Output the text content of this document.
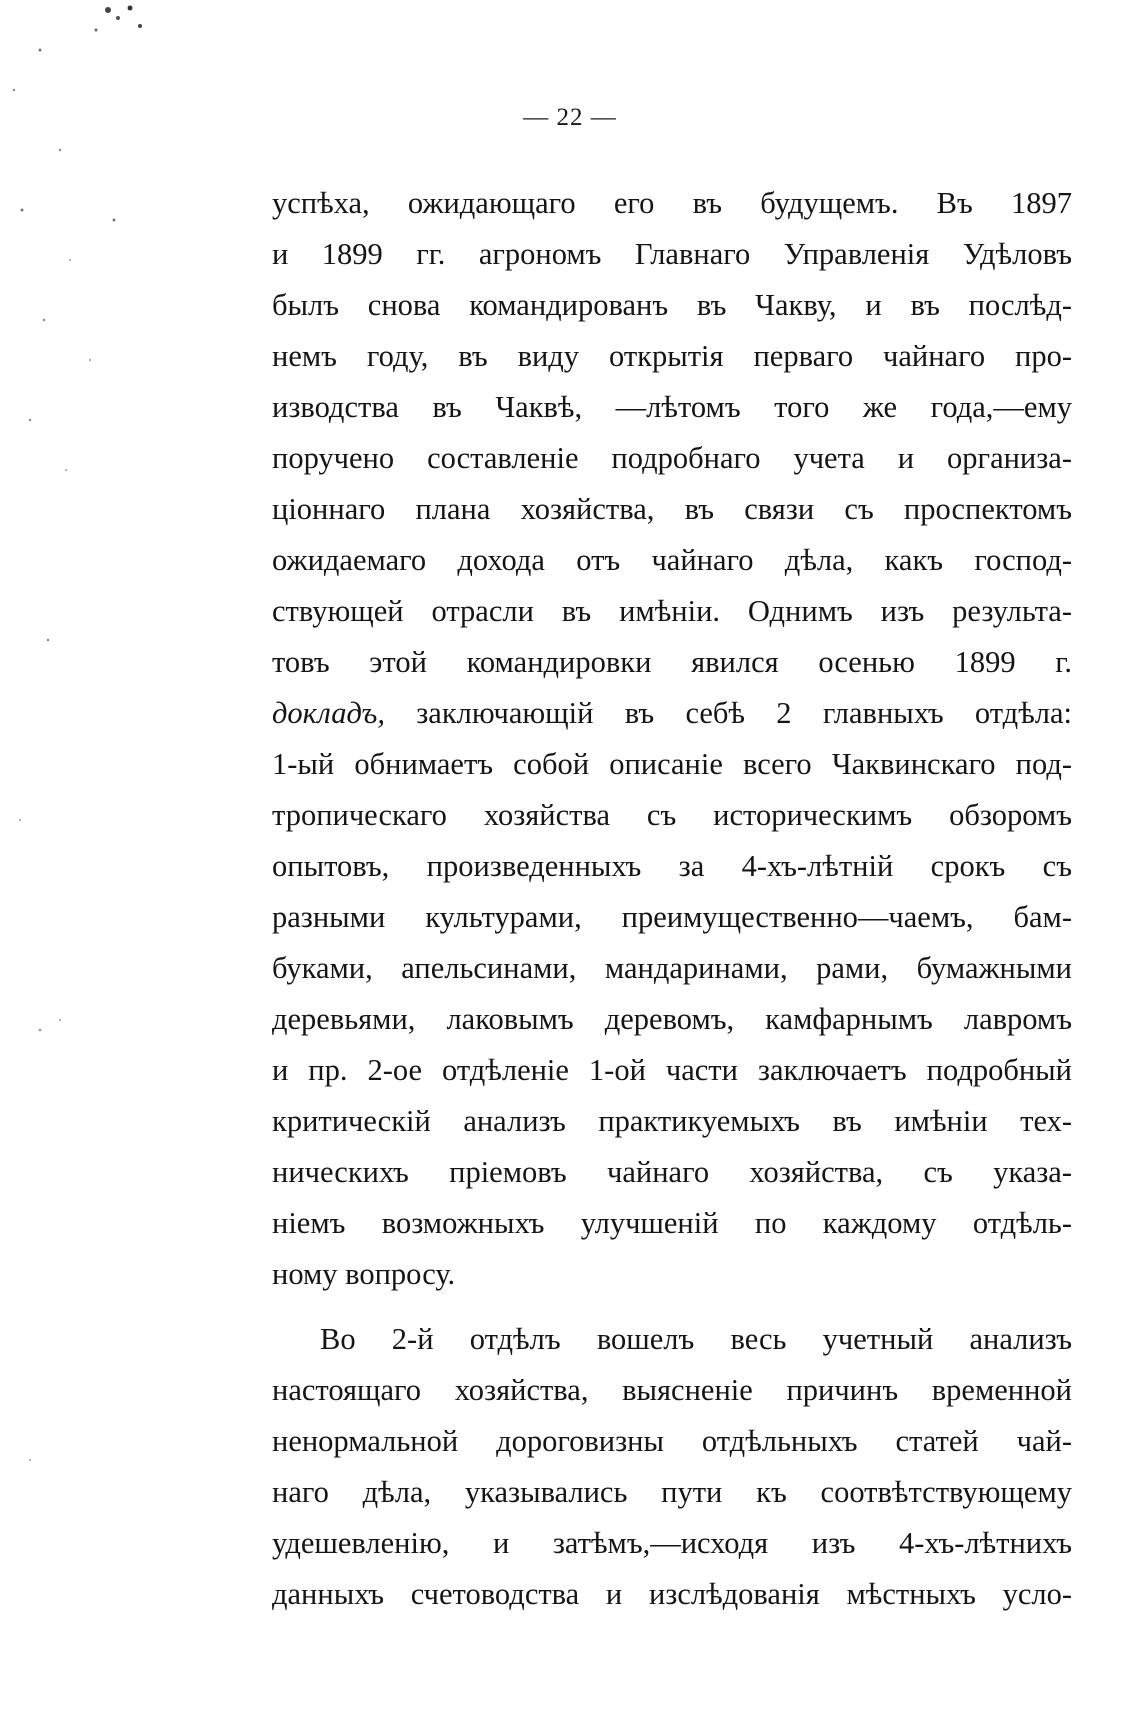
— 22 —
успѣха, ожидающаго его въ будущемъ. Въ 1897
и 1899 гг. агрономъ Главнаго Управленія Удѣловъ
былъ снова командированъ въ Чакву, и въ послѣд-
немъ году, въ виду открытія перваго чайнаго про-
изводства въ Чаквѣ, —лѣтомъ того же года,—ему
поручено составленіе подробнаго учета и организа-
ціоннаго плана хозяйства, въ связи съ проспектомъ
ожидаемаго дохода отъ чайнаго дѣла, какъ господ-
ствующей отрасли въ имѣніи. Однимъ изъ результа-
товъ этой командировки явился осенью 1899 г.
докладъ, заключающій въ себѣ 2 главныхъ отдѣла:
1-ый обнимаетъ собой описаніе всего Чаквинскаго под-
тропическаго хозяйства съ историческимъ обзоромъ
опытовъ, произведенныхъ за 4-хъ-лѣтній срокъ съ
разными культурами, преимущественно—чаемъ, бам-
буками, апельсинами, мандаринами, рами, бумажными
деревьями, лаковымъ деревомъ, камфарнымъ лавромъ
и пр. 2-ое отдѣленіе 1-ой части заключаетъ подробный
критическій анализъ практикуемыхъ въ имѣніи тех-
ническихъ пріемовъ чайнаго хозяйства, съ указа-
ніемъ возможныхъ улучшеній по каждому отдѣль-
ному вопросу.
Во 2-й отдѣлъ вошелъ весь учетный анализъ
настоящаго хозяйства, выясненіе причинъ временной
ненормальной дороговизны отдѣльныхъ статей чай-
наго дѣла, указывались пути къ соотвѣтствующему
удешевленію, и затѣмъ,—исходя изъ 4-хъ-лѣтнихъ
данныхъ счетоводства и изслѣдованія мѣстныхъ усло-
